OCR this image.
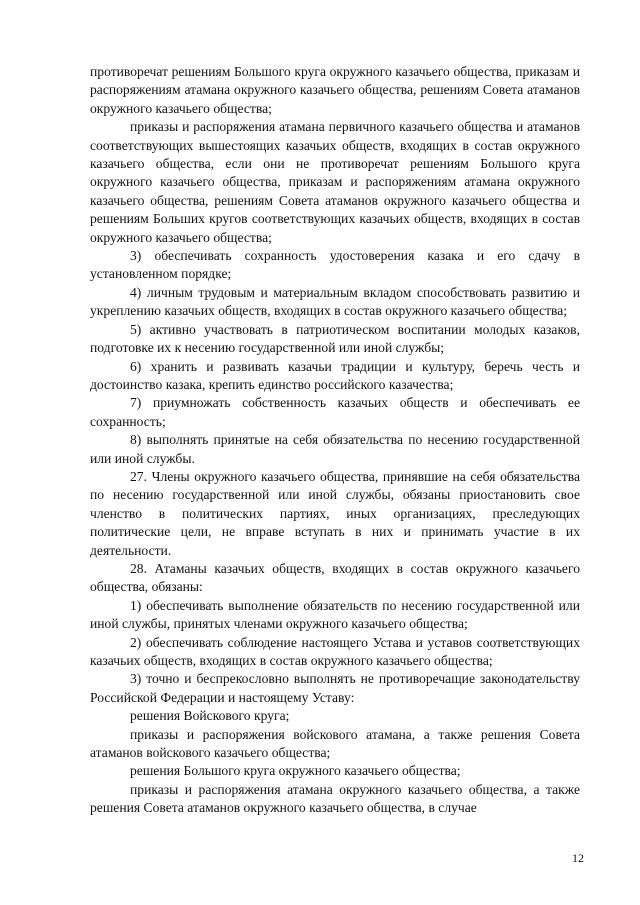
противоречат решениям Большого круга окружного казачьего общества, приказам и распоряжениям атамана окружного казачьего общества, решениям Совета атаманов окружного казачьего общества;

приказы и распоряжения атамана первичного казачьего общества и атаманов соответствующих вышестоящих казачьих обществ, входящих в состав окружного казачьего общества, если они не противоречат решениям Большого круга окружного казачьего общества, приказам и распоряжениям атамана окружного казачьего общества, решениям Совета атаманов окружного казачьего общества и решениям Больших кругов соответствующих казачьих обществ, входящих в состав окружного казачьего общества;

3) обеспечивать сохранность удостоверения казака и его сдачу в установленном порядке;

4) личным трудовым и материальным вкладом способствовать развитию и укреплению казачьих обществ, входящих в состав окружного казачьего общества;

5) активно участвовать в патриотическом воспитании молодых казаков, подготовке их к несению государственной или иной службы;

6) хранить и развивать казачьи традиции и культуру, беречь честь и достоинство казака, крепить единство российского казачества;

7) приумножать собственность казачьих обществ и обеспечивать ее сохранность;

8) выполнять принятые на себя обязательства по несению государственной или иной службы.

27. Члены окружного казачьего общества, принявшие на себя обязательства по несению государственной или иной службы, обязаны приостановить свое членство в политических партиях, иных организациях, преследующих политические цели, не вправе вступать в них и принимать участие в их деятельности.

28. Атаманы казачьих обществ, входящих в состав окружного казачьего общества, обязаны:

1) обеспечивать выполнение обязательств по несению государственной или иной службы, принятых членами окружного казачьего общества;

2) обеспечивать соблюдение настоящего Устава и уставов соответствующих казачьих обществ, входящих в состав окружного казачьего общества;

3) точно и беспрекословно выполнять не противоречащие законодательству Российской Федерации и настоящему Уставу:

решения Войскового круга;

приказы и распоряжения войскового атамана, а также решения Совета атаманов войскового казачьего общества;

решения Большого круга окружного казачьего общества;

приказы и распоряжения атамана окружного казачьего общества, а также решения Совета атаманов окружного казачьего общества, в случае

12
